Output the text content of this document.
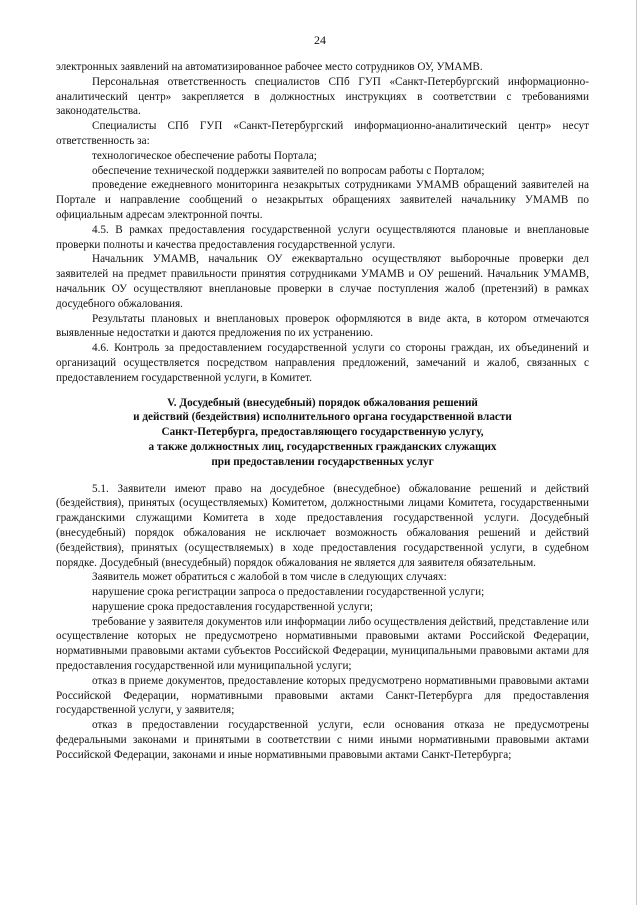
24

электронных заявлений на автоматизированное рабочее место сотрудников ОУ, УМАМВ.

Персональная ответственность специалистов СПб ГУП «Санкт-Петербургский информационно-аналитический центр» закрепляется в должностных инструкциях в соответствии с требованиями законодательства.

Специалисты СПб ГУП «Санкт-Петербургский информационно-аналитический центр» несут ответственность за:

технологическое обеспечение работы Портала;

обеспечение технической поддержки заявителей по вопросам работы с Порталом;

проведение ежедневного мониторинга незакрытых сотрудниками УМАМВ обращений заявителей на Портале и направление сообщений о незакрытых обращениях заявителей начальнику УМАМВ по официальным адресам электронной почты.

4.5. В рамках предоставления государственной услуги осуществляются плановые и внеплановые проверки полноты и качества предоставления государственной услуги.

Начальник УМАМВ, начальник ОУ ежеквартально осуществляют выборочные проверки дел заявителей на предмет правильности принятия сотрудниками УМАМВ и ОУ решений. Начальник УМАМВ, начальник ОУ осуществляют внеплановые проверки в случае поступления жалоб (претензий) в рамках досудебного обжалования.

Результаты плановых и внеплановых проверок оформляются в виде акта, в котором отмечаются выявленные недостатки и даются предложения по их устранению.

4.6. Контроль за предоставлением государственной услуги со стороны граждан, их объединений и организаций осуществляется посредством направления предложений, замечаний и жалоб, связанных с предоставлением государственной услуги, в Комитет.

V. Досудебный (внесудебный) порядок обжалования решений
и действий (бездействия) исполнительного органа государственной власти
Санкт-Петербурга, предоставляющего государственную услугу,
а также должностных лиц, государственных гражданских служащих
при предоставлении государственных услуг

5.1. Заявители имеют право на досудебное (внесудебное) обжалование решений и действий (бездействия), принятых (осуществляемых) Комитетом, должностными лицами Комитета, государственными гражданскими служащими Комитета в ходе предоставления государственной услуги. Досудебный (внесудебный) порядок обжалования не исключает возможность обжалования решений и действий (бездействия), принятых (осуществляемых) в ходе предоставления государственной услуги, в судебном порядке. Досудебный (внесудебный) порядок обжалования не является для заявителя обязательным.

Заявитель может обратиться с жалобой в том числе в следующих случаях:

нарушение срока регистрации запроса о предоставлении государственной услуги;

нарушение срока предоставления государственной услуги;

требование у заявителя документов или информации либо осуществления действий, представление или осуществление которых не предусмотрено нормативными правовыми актами Российской Федерации, нормативными правовыми актами субъектов Российской Федерации, муниципальными правовыми актами для предоставления государственной или муниципальной услуги;

отказ в приеме документов, предоставление которых предусмотрено нормативными правовыми актами Российской Федерации, нормативными правовыми актами Санкт-Петербурга для предоставления государственной услуги, у заявителя;

отказ в предоставлении государственной услуги, если основания отказа не предусмотрены федеральными законами и принятыми в соответствии с ними иными нормативными правовыми актами Российской Федерации, законами и иные нормативными правовыми актами Санкт-Петербурга;
